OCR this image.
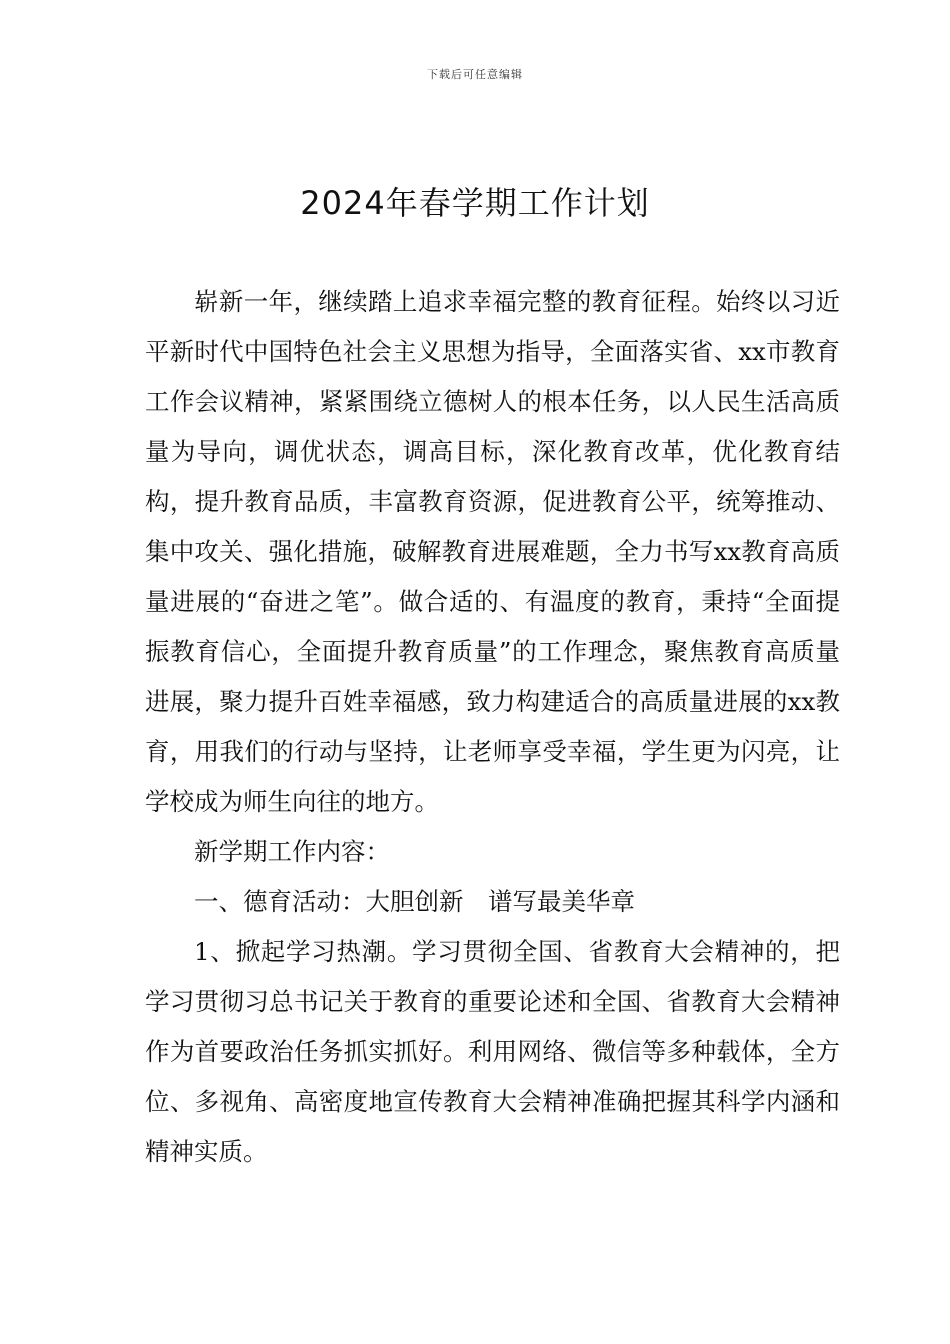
下载后可任意编辑
2024年春学期工作计划

崭新一年，继续踏上追求幸福完整的教育征程。始终以习近平新时代中国特色社会主义思想为指导，全面落实省、xx市教育工作会议精神，紧紧围绕立德树人的根本任务，以人民生活高质量为导向，调优状态，调高目标，深化教育改革，优化教育结构，提升教育品质，丰富教育资源，促进教育公平，统筹推动、集中攻关、强化措施，破解教育进展难题，全力书写xx教育高质量进展的“奋进之笔”。做合适的、有温度的教育，秉持“全面提振教育信心，全面提升教育质量”的工作理念，聚焦教育高质量进展，聚力提升百姓幸福感，致力构建适合的高质量进展的xx教育，用我们的行动与坚持，让老师享受幸福，学生更为闪亮，让学校成为师生向往的地方。

新学期工作内容：

一、德育活动：大胆创新　谱写最美华章

1、掀起学习热潮。学习贯彻全国、省教育大会精神的，把学习贯彻习总书记关于教育的重要论述和全国、省教育大会精神作为首要政治任务抓实抓好。利用网络、微信等多种载体，全方位、多视角、高密度地宣传教育大会精神准确把握其科学内涵和精神实质。
